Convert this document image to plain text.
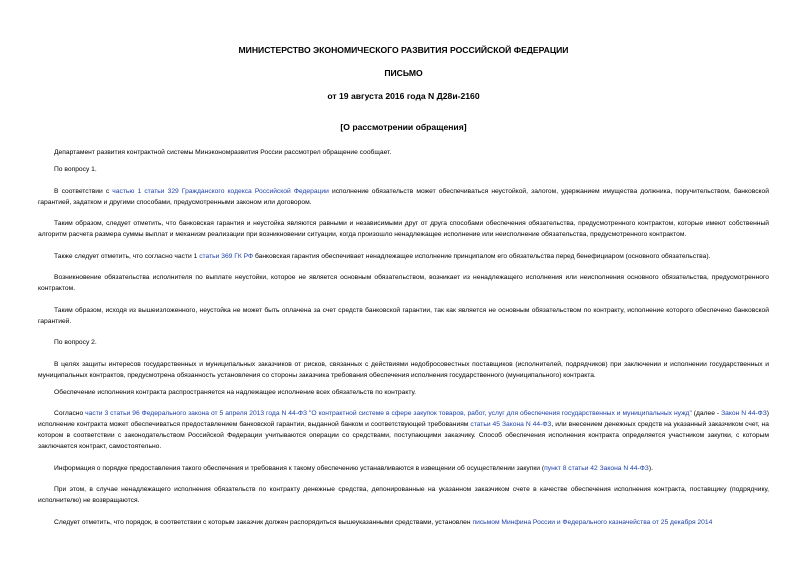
МИНИСТЕРСТВО ЭКОНОМИЧЕСКОГО РАЗВИТИЯ РОССИЙСКОЙ ФЕДЕРАЦИИ
ПИСЬМО
от 19 августа 2016 года N Д28и-2160
[О рассмотрении обращения]

Департамент развития контрактной системы Минэкономразвития России рассмотрел обращение сообщает.

По вопросу 1.

В соответствии с частью 1 статьи 329 Гражданского кодекса Российской Федерации исполнение обязательств может обеспечиваться неустойкой, залогом, удержанием имущества должника, поручительством, банковской гарантией, задатком и другими способами, предусмотренными законом или договором.

Таким образом, следует отметить, что банковская гарантия и неустойка являются равными и независимыми друг от друга способами обеспечения обязательства, предусмотренного контрактом, которые имеют собственный алгоритм расчета размера суммы выплат и механизм реализации при возникновении ситуации, когда произошло ненадлежащее исполнение или неисполнение обязательства, предусмотренного контрактом.

Также следует отметить, что согласно части 1 статьи 369 ГК РФ банковская гарантия обеспечивает ненадлежащее исполнение принципалом его обязательства перед бенефициаром (основного обязательства).

Возникновение обязательства исполнителя по выплате неустойки, которое не является основным обязательством, возникает из ненадлежащего исполнения или неисполнения основного обязательства, предусмотренного контрактом.

Таким образом, исходя из вышеизложенного, неустойка не может быть оплачена за счет средств банковской гарантии, так как является не основным обязательством по контракту, исполнение которого обеспечено банковской гарантией.

По вопросу 2.

В целях защиты интересов государственных и муниципальных заказчиков от рисков, связанных с действиями недобросовестных поставщиков (исполнителей, подрядчиков) при заключении и исполнении государственных и муниципальных контрактов, предусмотрена обязанность установления со стороны заказчика требования обеспечения исполнения государственного (муниципального) контракта.

Обеспечение исполнения контракта распространяется на надлежащее исполнение всех обязательств по контракту.

Согласно части 3 статьи 96 Федерального закона от 5 апреля 2013 года N 44-ФЗ "О контрактной системе в сфере закупок товаров, работ, услуг для обеспечения государственных и муниципальных нужд" (далее - Закон N 44-ФЗ) исполнение контракта может обеспечиваться предоставлением банковской гарантии, выданной банком и соответствующей требованиям статьи 45 Закона N 44-ФЗ, или внесением денежных средств на указанный заказчиком счет, на котором в соответствии с законодательством Российской Федерации учитываются операции со средствами, поступающими заказчику. Способ обеспечения исполнения контракта определяется участником закупки, с которым заключается контракт, самостоятельно.

Информация о порядке предоставления такого обеспечения и требования к такому обеспечению устанавливаются в извещении об осуществлении закупки (пункт 8 статьи 42 Закона N 44-ФЗ).

При этом, в случае ненадлежащего исполнения обязательств по контракту денежные средства, депонированные на указанном заказчиком счете в качестве обеспечения исполнения контракта, поставщику (подрядчику, исполнителю) не возвращаются.

Следует отметить, что порядок, в соответствии с которым заказчик должен распорядиться вышеуказанными средствами, установлен письмом Минфина России и Федерального казначейства от 25 декабря 2014
